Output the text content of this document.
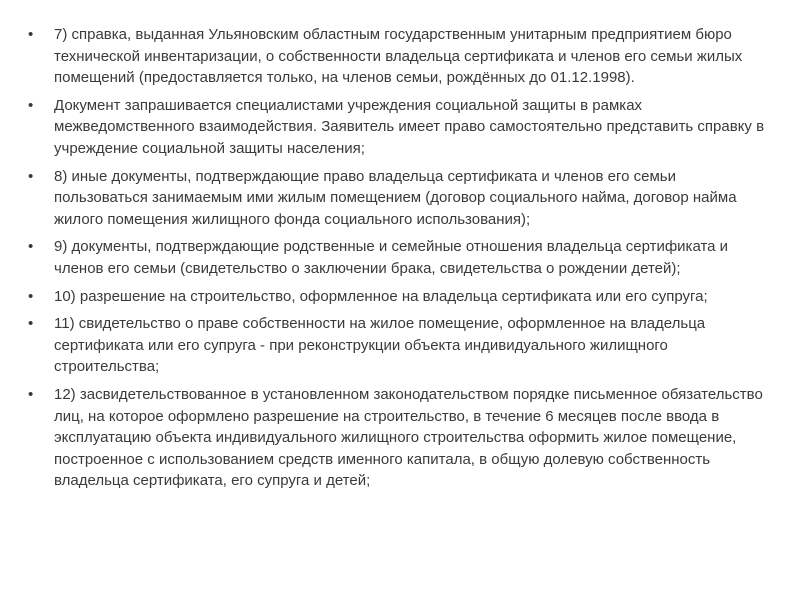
• 7) справка, выданная Ульяновским областным государственным унитарным предприятием бюро технической инвентаризации, о собственности владельца сертификата и членов его семьи жилых помещений (предоставляется только, на членов семьи, рождённых до 01.12.1998).
• Документ запрашивается специалистами учреждения социальной защиты в рамках межведомственного взаимодействия. Заявитель имеет право самостоятельно представить справку в учреждение социальной защиты населения;
• 8) иные документы, подтверждающие право владельца сертификата и членов его семьи пользоваться занимаемым ими жилым помещением (договор социального найма, договор найма жилого помещения жилищного фонда социального использования);
• 9) документы, подтверждающие родственные и семейные отношения владельца сертификата и членов его семьи (свидетельство о заключении брака, свидетельства о рождении детей);
• 10) разрешение на строительство, оформленное на владельца сертификата или его супруга;
• 11) свидетельство о праве собственности на жилое помещение, оформленное на владельца сертификата или его супруга - при реконструкции объекта индивидуального жилищного строительства;
• 12) засвидетельствованное в установленном законодательством порядке письменное обязательство лиц, на которое оформлено разрешение на строительство, в течение 6 месяцев после ввода в эксплуатацию объекта индивидуального жилищного строительства оформить жилое помещение, построенное с использованием средств именного капитала, в общую долевую собственность владельца сертификата, его супруга и детей;
